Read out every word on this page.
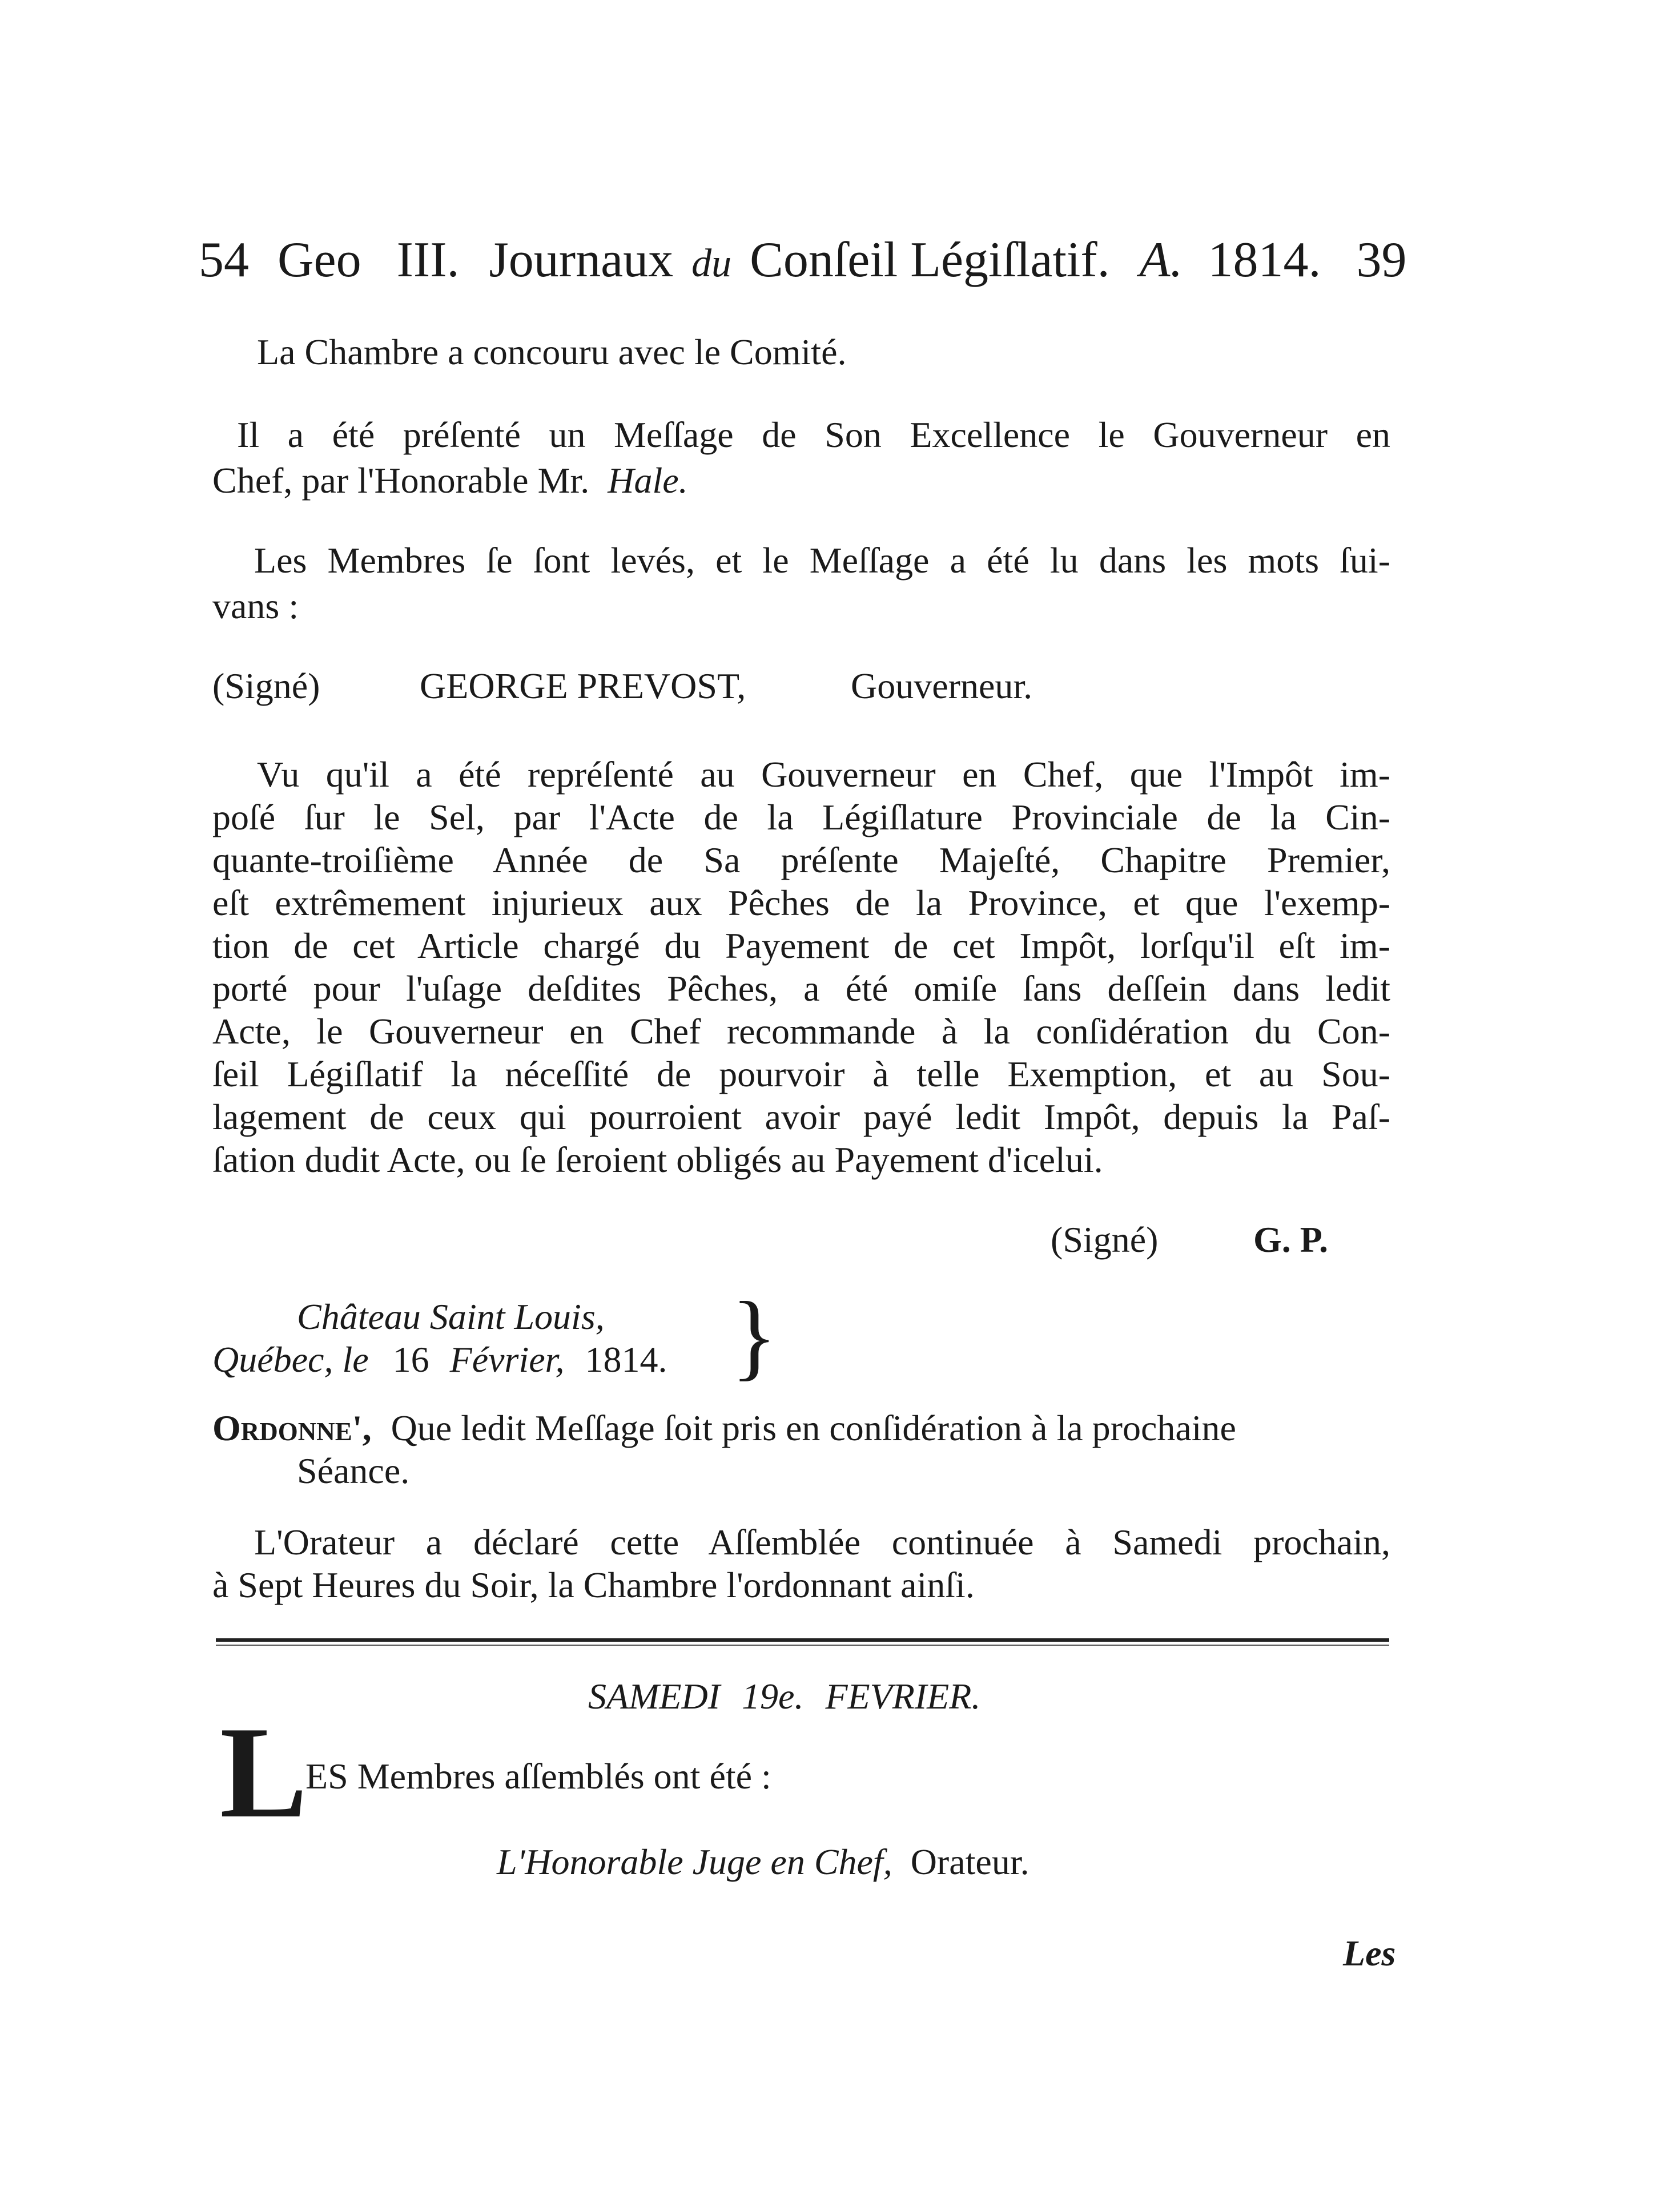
54 Geo III. Journaux du Conſeil Légiſlatif. A. 1814. 39
La Chambre a concouru avec le Comité.
Il a été préſenté un Meſſage de Son Excellence le Gouverneur en
Chef, par l'Honorable Mr. Hale.
Les Membres ſe ſont levés, et le Meſſage a été lu dans les mots ſui-
vans :
(Signé)	GEORGE PREVOST,	Gouverneur.
Vu qu'il a été repréſenté au Gouverneur en Chef, que l'Impôt im-
poſé ſur le Sel, par l'Acte de la Légiſlature Provinciale de la Cin-
quante-troiſième Année de Sa préſente Majeſté, Chapitre Premier,
eſt extrêmement injurieux aux Pêches de la Province, et que l'exemp-
tion de cet Article chargé du Payement de cet Impôt, lorſqu'il eſt im-
porté pour l'uſage deſdites Pêches, a été omiſe ſans deſſein dans ledit
Acte, le Gouverneur en Chef recommande à la conſidération du Con-
ſeil Légiſlatif la néceſſité de pourvoir à telle Exemption, et au Sou-
lagement de ceux qui pourroient avoir payé ledit Impôt, depuis la Paſ-
ſation dudit Acte, ou ſe ſeroient obligés au Payement d'icelui.
(Signé)	G. P.
Château Saint Louis,
Québec, le 16 Février, 1814. }
Ordonne', Que ledit Meſſage ſoit pris en conſidération à la prochaine
Séance.
L'Orateur a déclaré cette Aſſemblée continuée à Samedi prochain,
à Sept Heures du Soir, la Chambre l'ordonnant ainſi.
SAMEDI 19e. FEVRIER.
L
ES Membres aſſemblés ont été :
L'Honorable Juge en Chef, Orateur.
Les
